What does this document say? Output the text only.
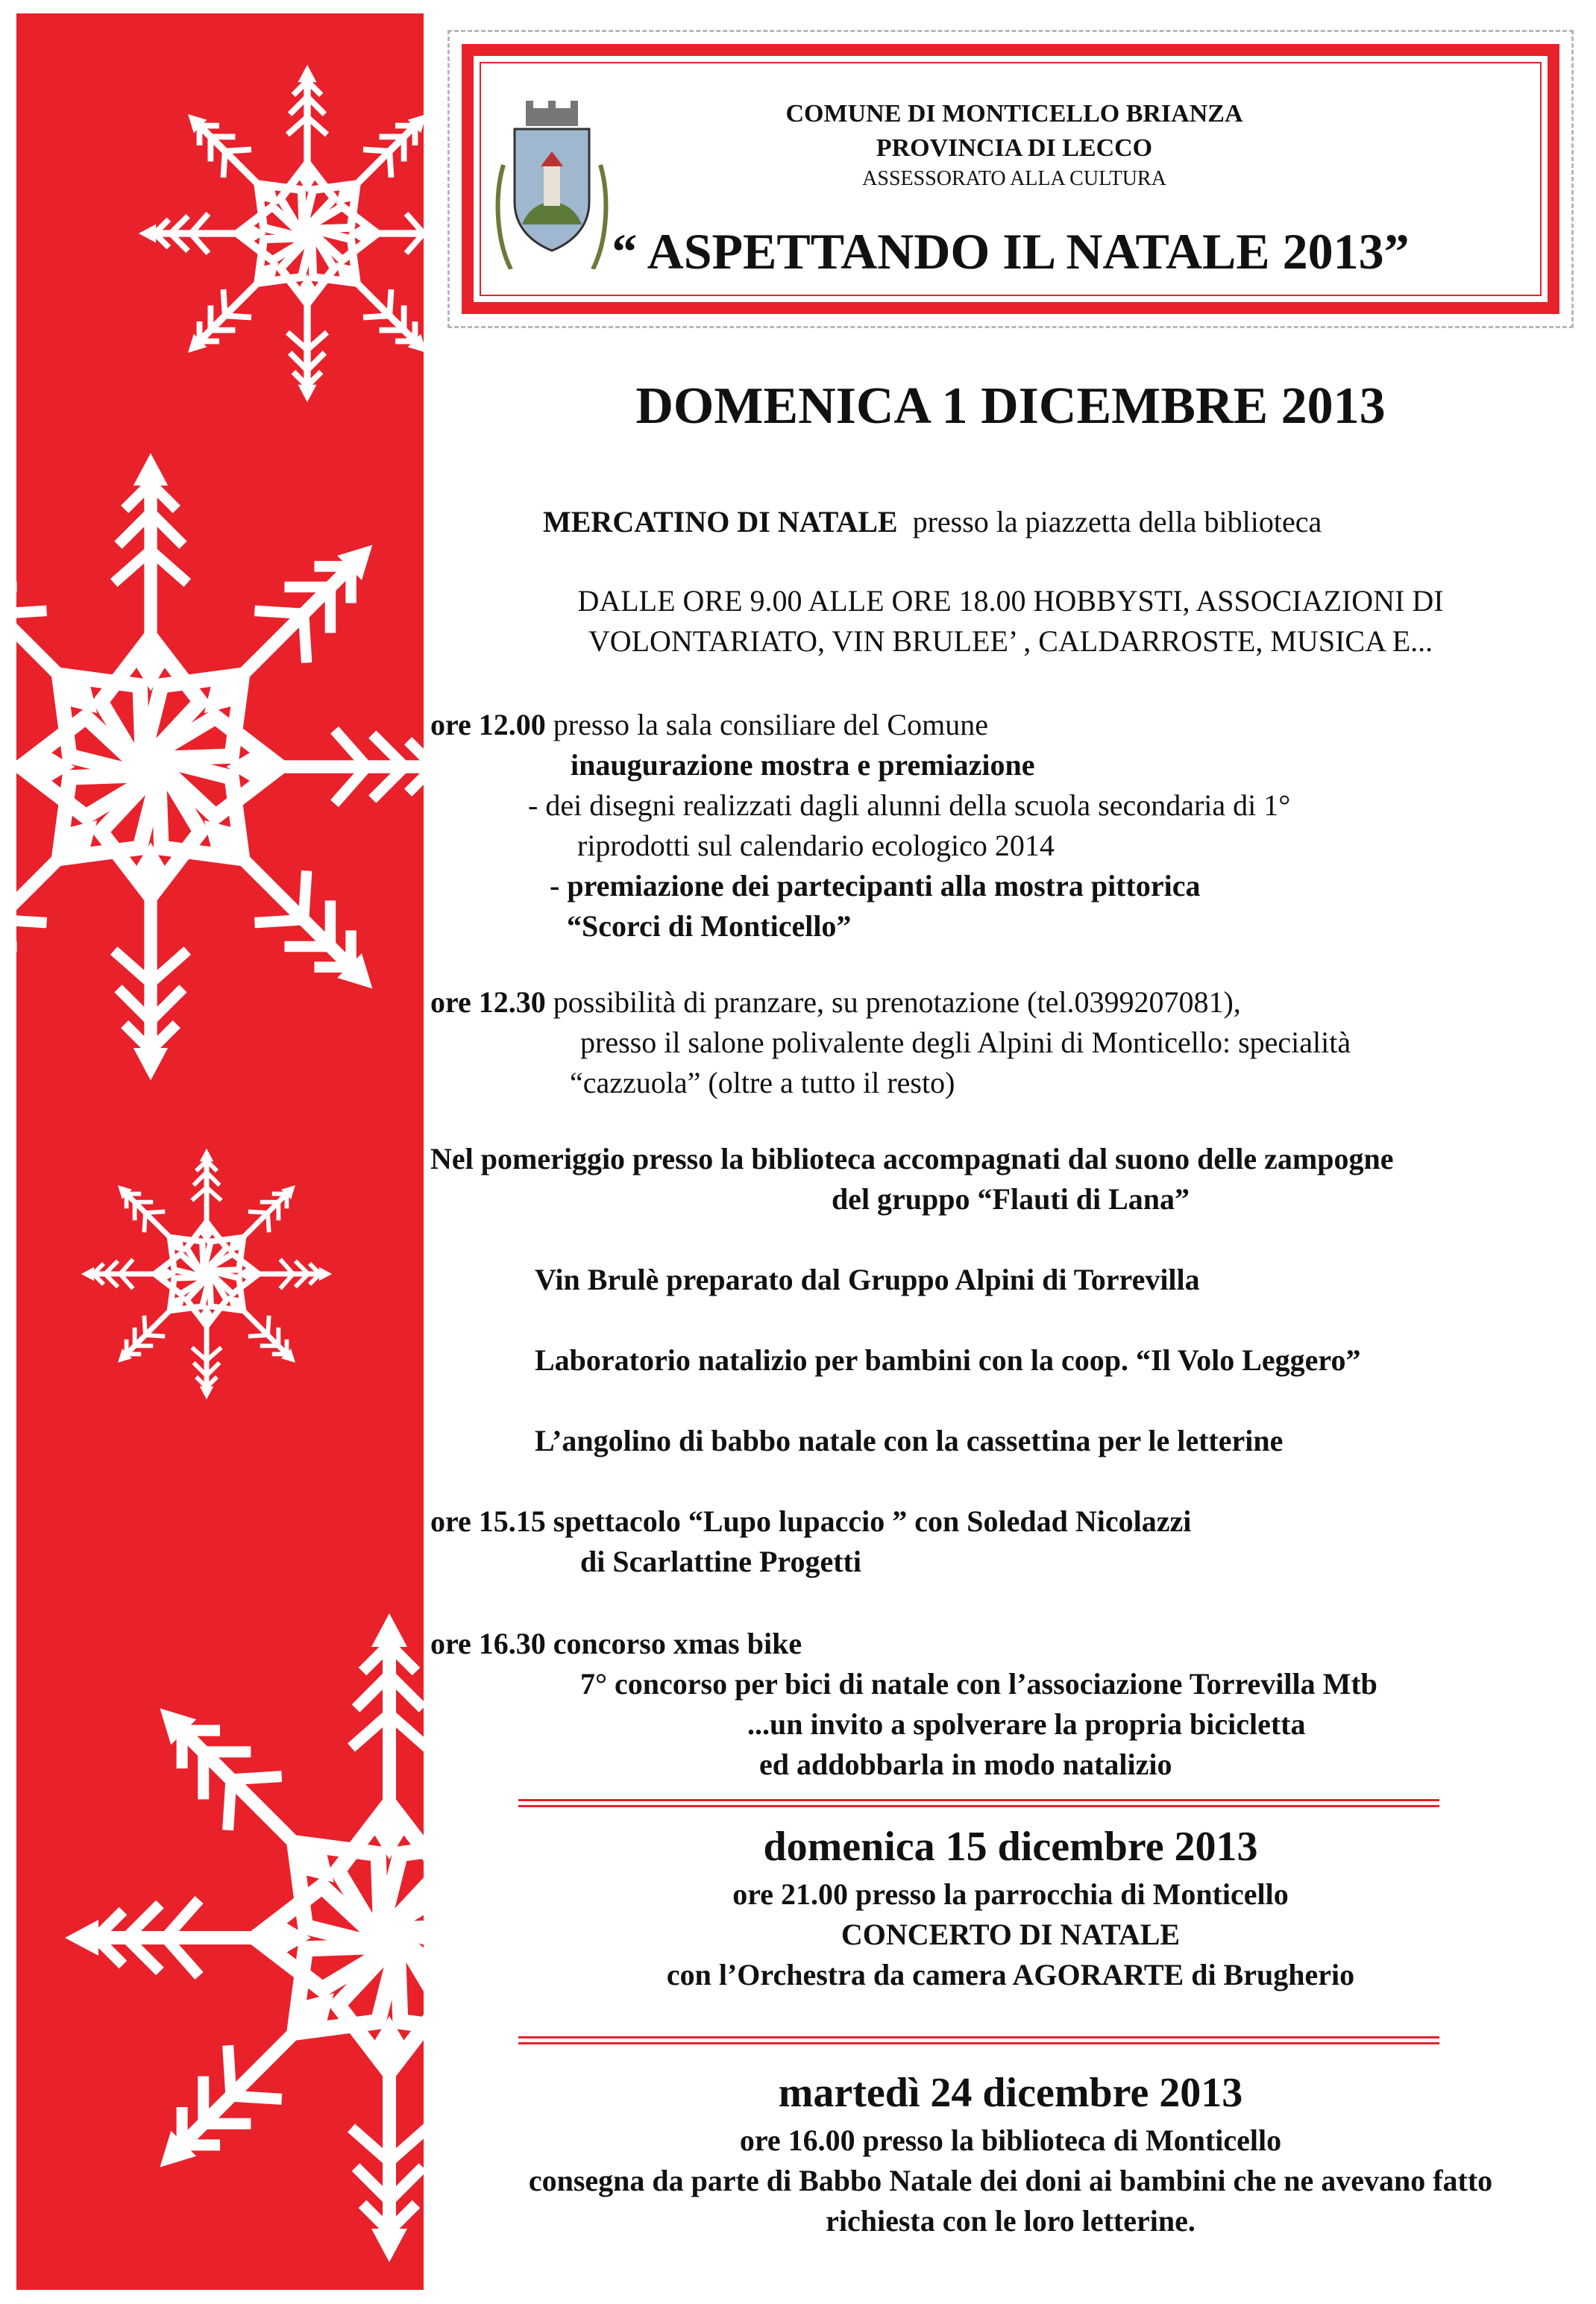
COMUNE DI MONTICELLO BRIANZA
PROVINCIA DI LECCO
ASSESSORATO ALLA CULTURA
“ ASPETTANDO IL NATALE 2013”
DOMENICA 1 DICEMBRE 2013
MERCATINO DI NATALE presso la piazzetta della biblioteca
DALLE ORE 9.00 ALLE ORE 18.00 HOBBYSTI, ASSOCIAZIONI DI
VOLONTARIATO, VIN BRULEE’ , CALDARROSTE, MUSICA E...
ore 12.00 presso la sala consiliare del Comune
inaugurazione mostra e premiazione
- dei disegni realizzati dagli alunni della scuola secondaria di 1°
riprodotti sul calendario ecologico 2014
- premiazione dei partecipanti alla mostra pittorica
“Scorci di Monticello”
ore 12.30 possibilità di pranzare, su prenotazione (tel.0399207081),
presso il salone polivalente degli Alpini di Monticello: specialità
“cazzuola” (oltre a tutto il resto)
Nel pomeriggio presso la biblioteca accompagnati dal suono delle zampogne
del gruppo “Flauti di Lana”
Vin Brulè preparato dal Gruppo Alpini di Torrevilla
Laboratorio natalizio per bambini con la coop. “Il Volo Leggero”
L’angolino di babbo natale con la cassettina per le letterine
ore 15.15 spettacolo “Lupo lupaccio ” con Soledad Nicolazzi
di Scarlattine Progetti
ore 16.30 concorso xmas bike
7° concorso per bici di natale con l’associazione Torrevilla Mtb
...un invito a spolverare la propria bicicletta
ed addobbarla in modo natalizio
domenica 15 dicembre 2013
ore 21.00 presso la parrocchia di Monticello
CONCERTO DI NATALE
con l’Orchestra da camera AGORARTE di Brugherio
martedì 24 dicembre 2013
ore 16.00 presso la biblioteca di Monticello
consegna da parte di Babbo Natale dei doni ai bambini che ne avevano fatto
richiesta con le loro letterine.
